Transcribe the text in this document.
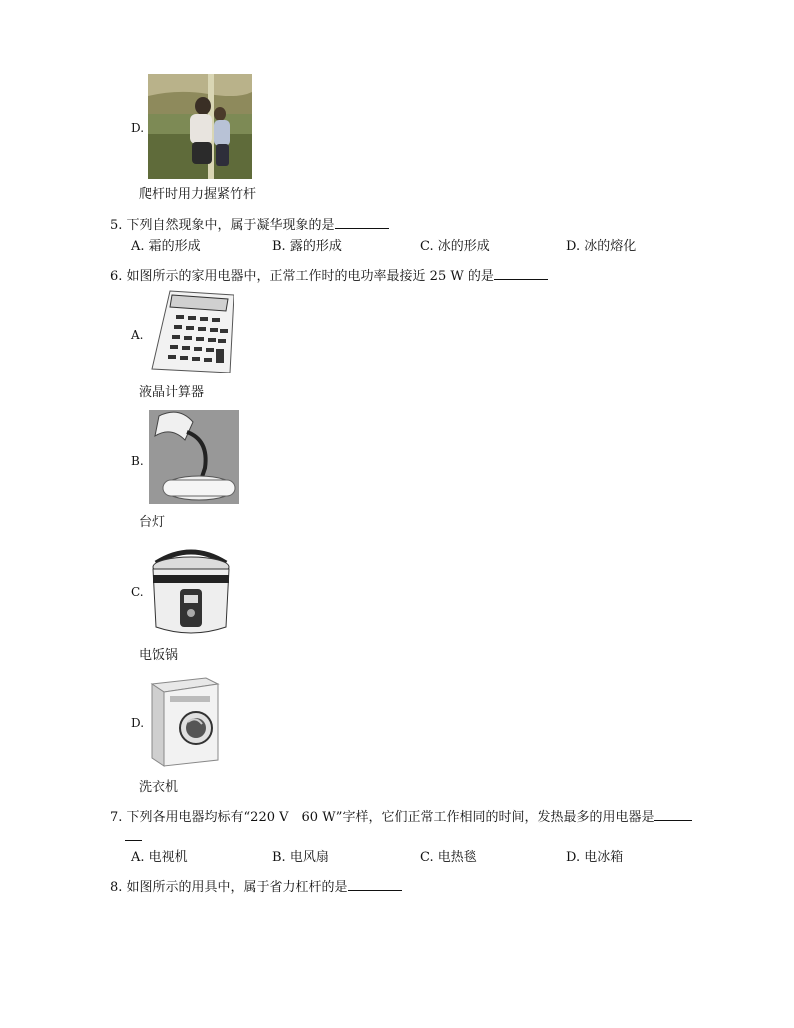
D.
爬杆时用力握紧竹杆
5. 下列自然现象中，属于凝华现象的是
A. 霜的形成	B. 露的形成	C. 冰的形成	D. 冰的熔化
6. 如图所示的家用电器中，正常工作时的电功率最接近 25 W 的是
A.
液晶计算器
B.
台灯
C.
电饭锅
D.
洗衣机
7. 下列各用电器均标有“220 V　60 W”字样，它们正常工作相同的时间，发热最多的用电器是
A. 电视机	B. 电风扇	C. 电热毯	D. 电冰箱
8. 如图所示的用具中，属于省力杠杆的是
